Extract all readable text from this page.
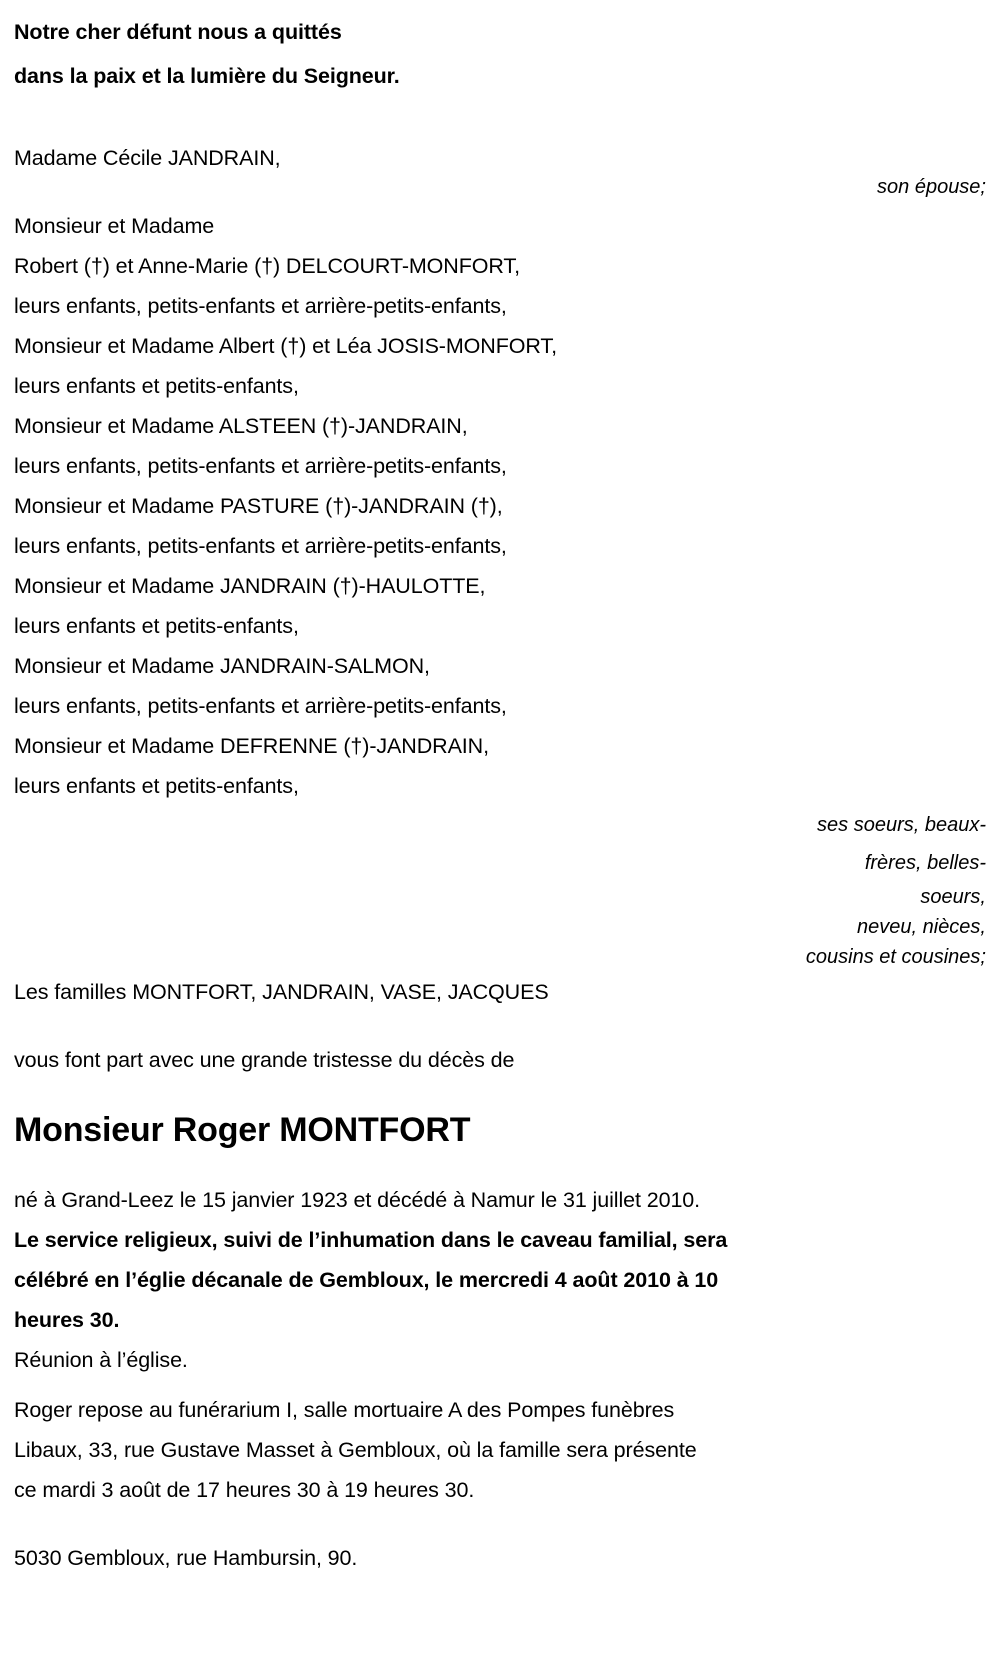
Notre cher défunt nous a quittés
dans la paix et la lumière du Seigneur.
Madame Cécile JANDRAIN,
son épouse;
Monsieur et Madame
Robert (†) et Anne-Marie (†) DELCOURT-MONFORT,
leurs enfants, petits-enfants et arrière-petits-enfants,
Monsieur et Madame Albert (†) et Léa JOSIS-MONFORT,
leurs enfants et petits-enfants,
Monsieur et Madame ALSTEEN (†)-JANDRAIN,
leurs enfants, petits-enfants et arrière-petits-enfants,
Monsieur et Madame PASTURE (†)-JANDRAIN (†),
leurs enfants, petits-enfants et arrière-petits-enfants,
Monsieur et Madame JANDRAIN (†)-HAULOTTE,
leurs enfants et petits-enfants,
Monsieur et Madame JANDRAIN-SALMON,
leurs enfants, petits-enfants et arrière-petits-enfants,
Monsieur et Madame DEFRENNE (†)-JANDRAIN,
leurs enfants et petits-enfants,
ses soeurs, beaux-
frères, belles-

soeurs,
neveu, nièces,
cousins et cousines;
Les familles MONTFORT, JANDRAIN, VASE, JACQUES
vous font part avec une grande tristesse du décès de
Monsieur Roger MONTFORT
né à Grand-Leez le 15 janvier 1923 et décédé à Namur le 31 juillet 2010.
Le service religieux, suivi de l’inhumation dans le caveau familial, sera
célébré en l’églie décanale de Gembloux, le mercredi 4 août 2010 à 10
heures 30.
Réunion à l’église.
Roger repose au funérarium I, salle mortuaire A des Pompes funèbres
Libaux, 33, rue Gustave Masset à Gembloux, où la famille sera présente
ce mardi 3 août de 17 heures 30 à 19 heures 30.
5030 Gembloux, rue Hambursin, 90.
